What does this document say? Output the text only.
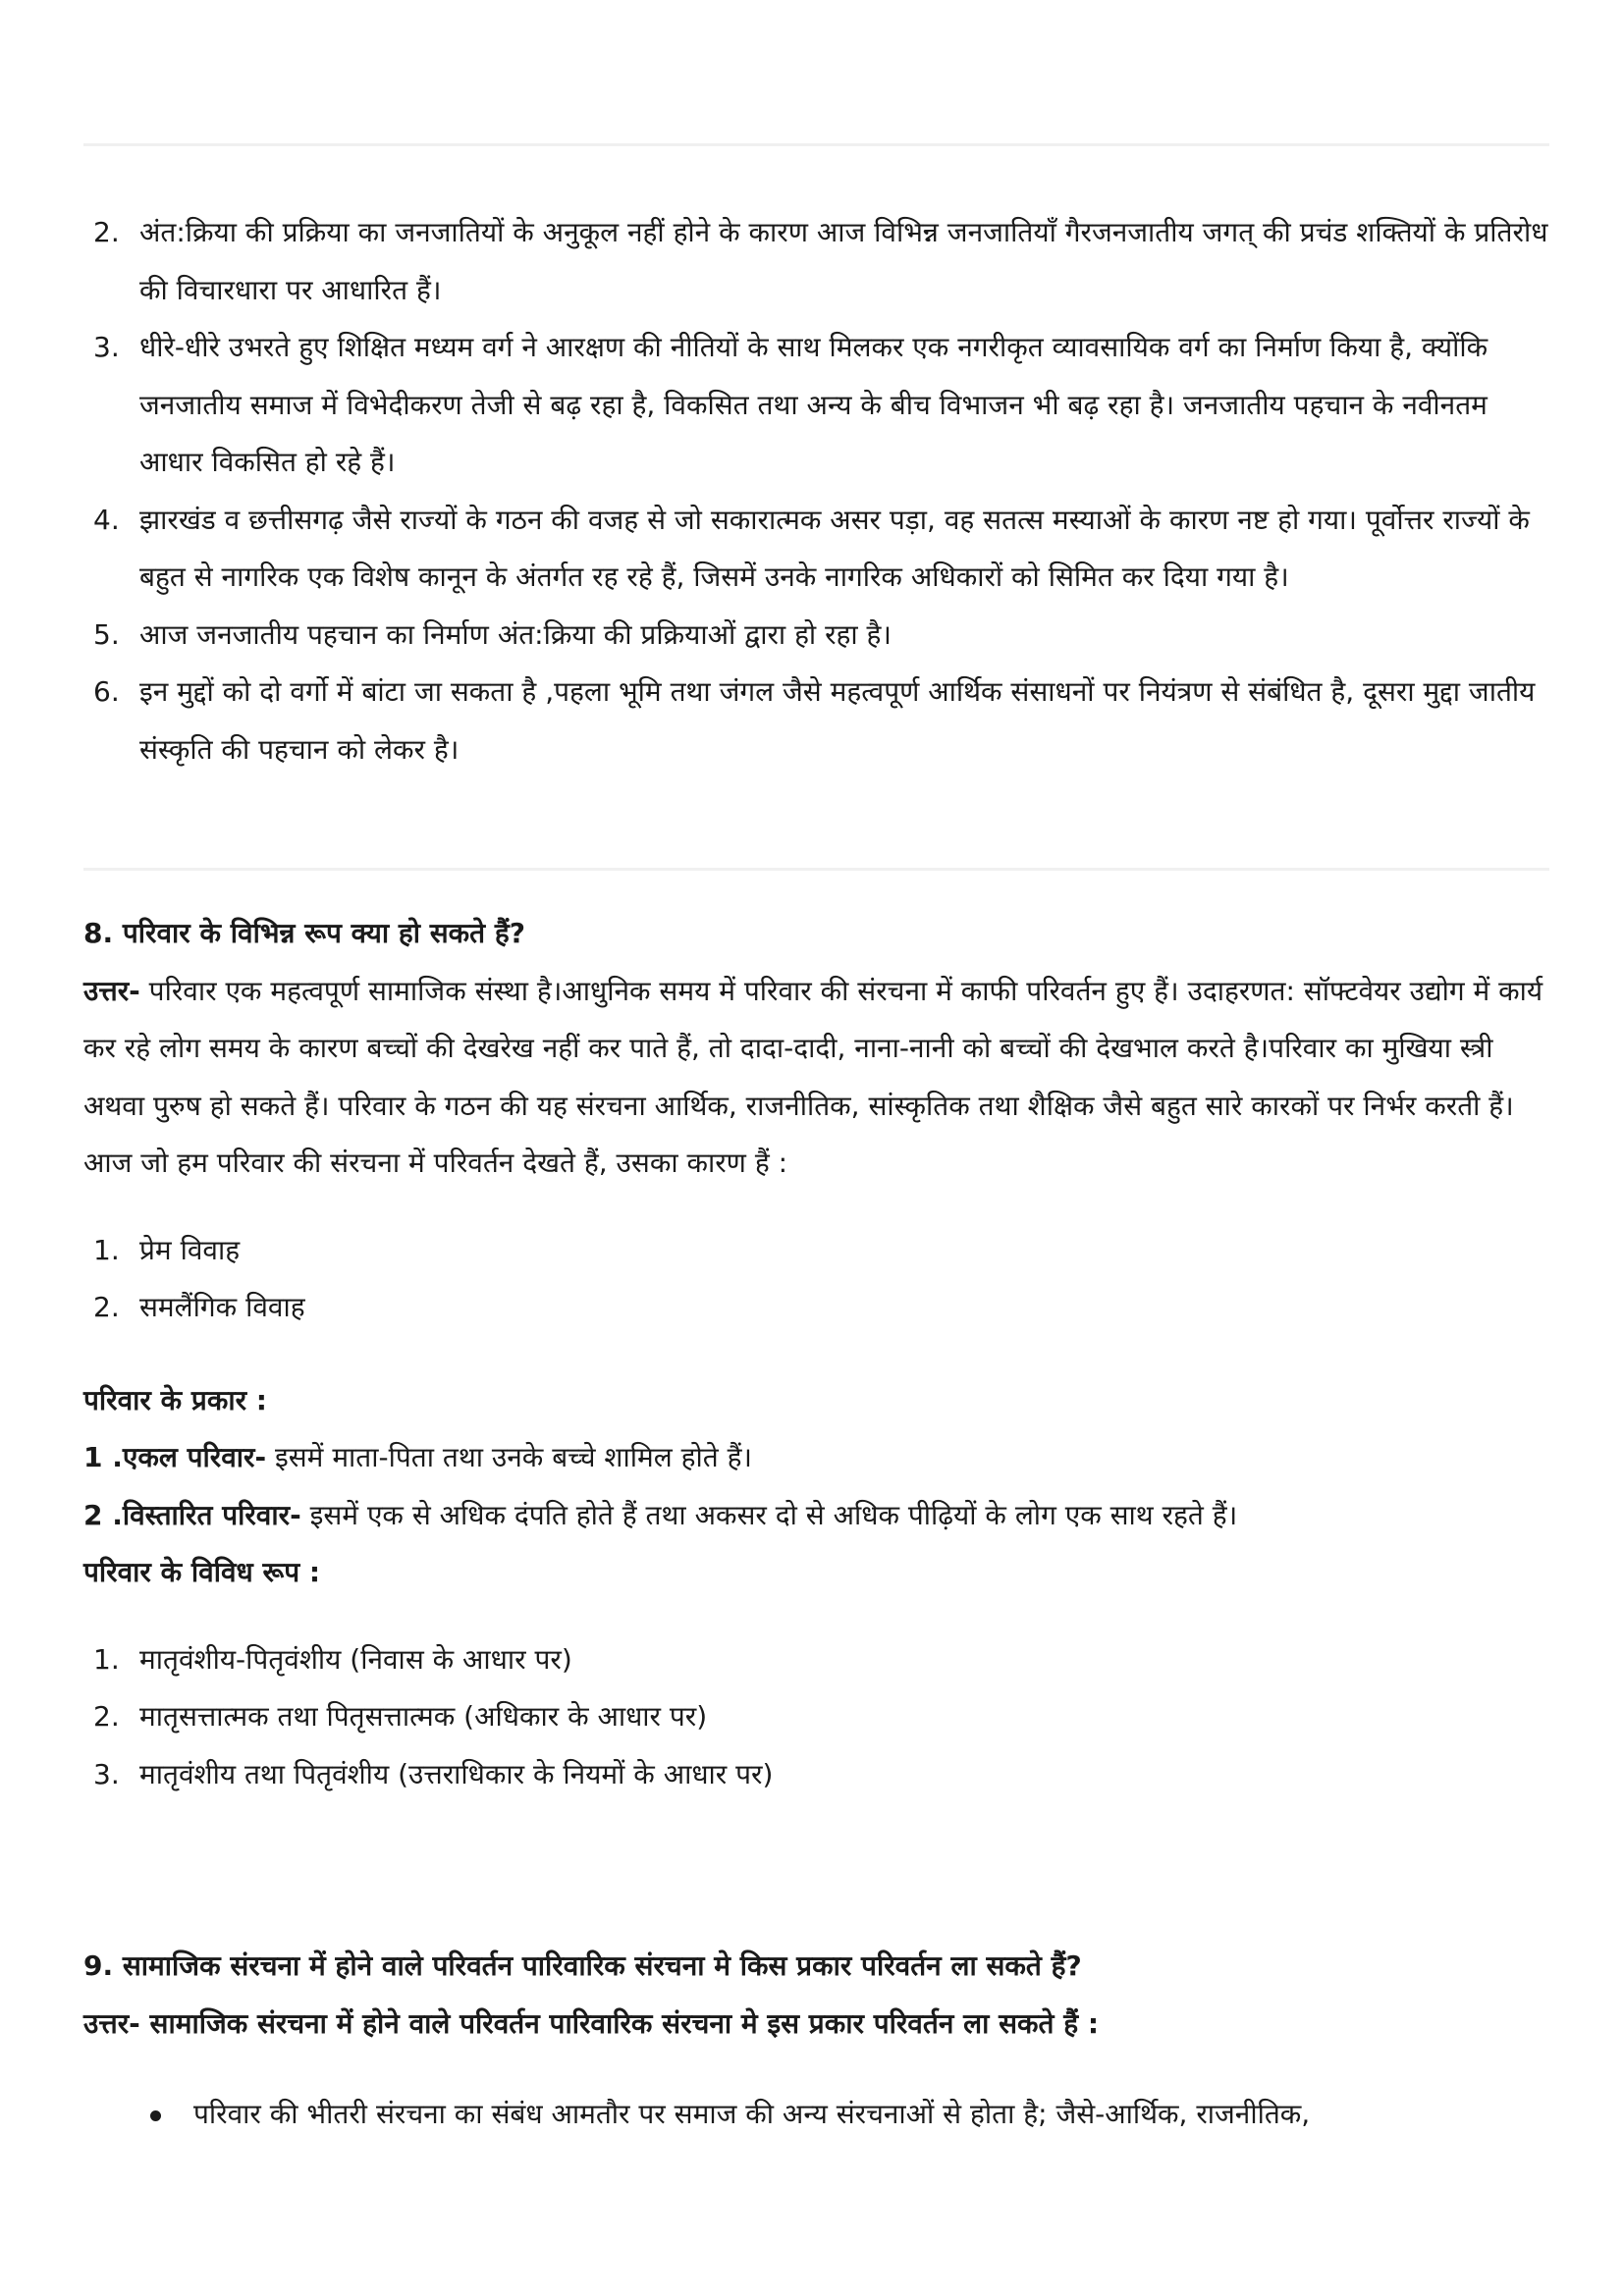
2. अंत:क्रिया की प्रक्रिया का जनजातियों के अनुकूल नहीं होने के कारण आज विभिन्न जनजातियाँ गैरजनजातीय जगत् की प्रचंड शक्तियों के प्रतिरोध की विचारधारा पर आधारित हैं।
3. धीरे-धीरे उभरते हुए शिक्षित मध्यम वर्ग ने आरक्षण की नीतियों के साथ मिलकर एक नगरीकृत व्यावसायिक वर्ग का निर्माण किया है, क्योंकि जनजातीय समाज में विभेदीकरण तेजी से बढ़ रहा है, विकसित तथा अन्य के बीच विभाजन भी बढ़ रहा है। जनजातीय पहचान के नवीनतम आधार विकसित हो रहे हैं।
4. झारखंड व छत्तीसगढ़ जैसे राज्यों के गठन की वजह से जो सकारात्मक असर पड़ा, वह सतत्स मस्याओं के कारण नष्ट हो गया। पूर्वोत्तर राज्यों के बहुत से नागरिक एक विशेष कानून के अंतर्गत रह रहे हैं, जिसमें उनके नागरिक अधिकारों को सिमित कर दिया गया है।
5. आज जनजातीय पहचान का निर्माण अंत:क्रिया की प्रक्रियाओं द्वारा हो रहा है।
6. इन मुद्दों को दो वर्गो में बांटा जा सकता है ,पहला भूमि तथा जंगल जैसे महत्वपूर्ण आर्थिक संसाधनों पर नियंत्रण से संबंधित है, दूसरा मुद्दा जातीय संस्कृति की पहचान को लेकर है।
8. परिवार के विभिन्न रूप क्या हो सकते हैं?
उत्तर- परिवार एक महत्वपूर्ण सामाजिक संस्था है।आधुनिक समय में परिवार की संरचना में काफी परिवर्तन हुए हैं। उदाहरणत: सॉफ्टवेयर उद्योग में कार्य कर रहे लोग समय के कारण बच्चों की देखरेख नहीं कर पाते हैं, तो दादा-दादी, नाना-नानी को बच्चों की देखभाल करते है।परिवार का मुखिया स्त्री अथवा पुरुष हो सकते हैं। परिवार के गठन की यह संरचना आर्थिक, राजनीतिक, सांस्कृतिक तथा शैक्षिक जैसे बहुत सारे कारकों पर निर्भर करती हैं।
आज जो हम परिवार की संरचना में परिवर्तन देखते हैं, उसका कारण हैं :
1. प्रेम विवाह
2. समलैंगिक विवाह
परिवार के प्रकार :
1 .एकल परिवार- इसमें माता-पिता तथा उनके बच्चे शामिल होते हैं।
2 .विस्तारित परिवार- इसमें एक से अधिक दंपति होते हैं तथा अकसर दो से अधिक पीढ़ियों के लोग एक साथ रहते हैं।
परिवार के विविध रूप :
1. मातृवंशीय-पितृवंशीय (निवास के आधार पर)
2. मातृसत्तात्मक तथा पितृसत्तात्मक (अधिकार के आधार पर)
3. मातृवंशीय तथा पितृवंशीय (उत्तराधिकार के नियमों के आधार पर)
9. सामाजिक संरचना में होने वाले परिवर्तन पारिवारिक संरचना मे किस प्रकार परिवर्तन ला सकते हैं?
उत्तर- सामाजिक संरचना में होने वाले परिवर्तन पारिवारिक संरचना मे इस प्रकार परिवर्तन ला सकते हैं :
परिवार की भीतरी संरचना का संबंध आमतौर पर समाज की अन्य संरचनाओं से होता है; जैसे-आर्थिक, राजनीतिक,
